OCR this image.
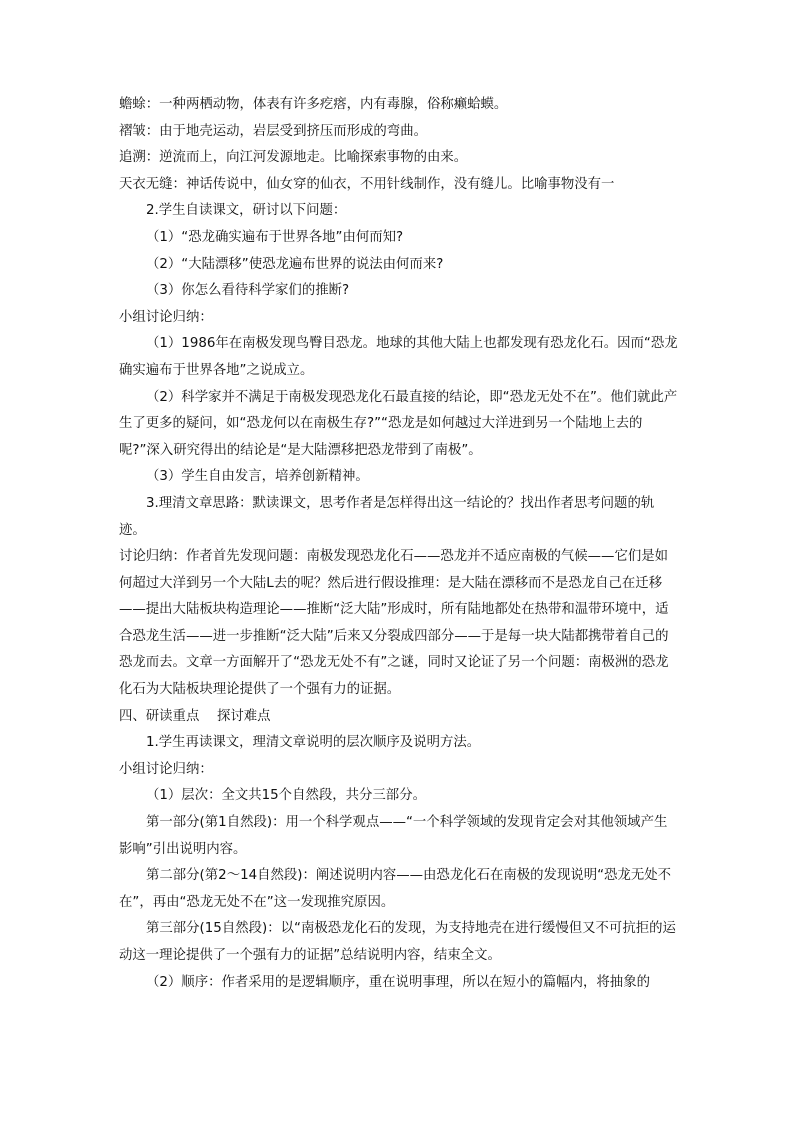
蟾蜍：一种两栖动物，体表有许多疙瘩，内有毒腺，俗称癞蛤蟆。

褶皱：由于地壳运动，岩层受到挤压而形成的弯曲。

追溯：逆流而上，向江河发源地走。比喻探索事物的由来。

天衣无缝：神话传说中，仙女穿的仙衣，不用针线制作，没有缝儿。比喻事物没有一

2.学生自读课文，研讨以下问题：

（1）“恐龙确实遍布于世界各地”由何而知?

（2）“大陆漂移”使恐龙遍布世界的说法由何而来?

（3）你怎么看待科学家们的推断?

小组讨论归纳：

（1）1986年在南极发现鸟臀目恐龙。地球的其他大陆上也都发现有恐龙化石。因而“恐龙确实遍布于世界各地”之说成立。

（2）科学家并不满足于南极发现恐龙化石最直接的结论，即“恐龙无处不在”。他们就此产生了更多的疑问，如“恐龙何以在南极生存?”“恐龙是如何越过大洋进到另一个陆地上去的呢?”深入研究得出的结论是“是大陆漂移把恐龙带到了南极”。

（3）学生自由发言，培养创新精神。

3.理清文章思路：默读课文，思考作者是怎样得出这一结论的？找出作者思考问题的轨迹。

讨论归纳：作者首先发现问题：南极发现恐龙化石——恐龙并不适应南极的气候——它们是如何超过大洋到另一个大陆L去的呢？然后进行假设推理：是大陆在漂移而不是恐龙自己在迁移——提出大陆板块构造理论——推断“泛大陆”形成时，所有陆地都处在热带和温带环境中，适合恐龙生活——进一步推断“泛大陆”后来又分裂成四部分——于是每一块大陆都携带着自己的恐龙而去。文章一方面解开了“恐龙无处不有”之谜，同时又论证了另一个问题：南极洲的恐龙化石为大陆板块理论提供了一个强有力的证据。

四、研读重点　 探讨难点

1.学生再读课文，理清文章说明的层次顺序及说明方法。

小组讨论归纳：

（1）层次：全文共15个自然段，共分三部分。

第一部分(第1自然段)：用一个科学观点——“一个科学领域的发现肯定会对其他领域产生影响”引出说明内容。

第二部分(第2～14自然段)：阐述说明内容——由恐龙化石在南极的发现说明“恐龙无处不在”，再由“恐龙无处不在”这一发现推究原因。

第三部分(15自然段)：以“南极恐龙化石的发现，为支持地壳在进行缓慢但又不可抗拒的运动这一理论提供了一个强有力的证据”总结说明内容，结束全文。

（2）顺序：作者采用的是逻辑顺序，重在说明事理，所以在短小的篇幅内，将抽象的
